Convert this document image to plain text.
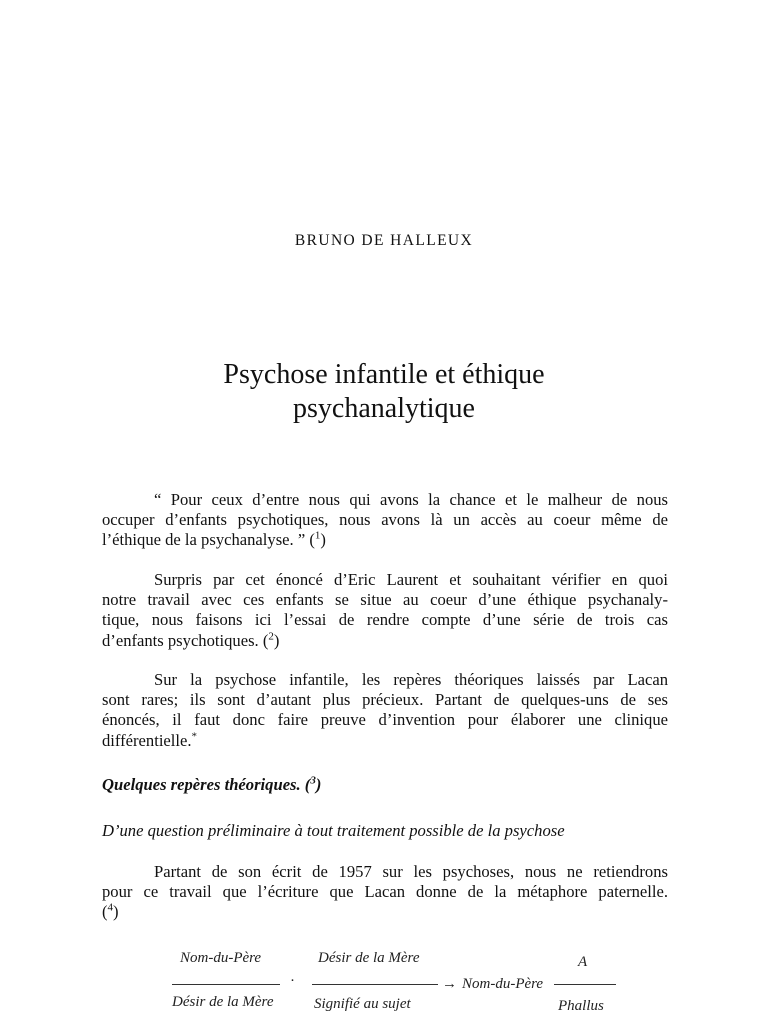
BRUNO DE HALLEUX
Psychose infantile et éthique
psychanalytique
“ Pour ceux d’entre nous qui avons la chance et le malheur de nous
occuper d’enfants psychotiques, nous avons là un accès au coeur même de
l’éthique de la psychanalyse. ” ($^1$)
Surpris par cet énoncé d’Eric Laurent et souhaitant vérifier en quoi
notre travail avec ces enfants se situe au coeur d’une éthique psychanaly-
tique, nous faisons ici l’essai de rendre compte d’une série de trois cas
d’enfants psychotiques. ($^2$)
Sur la psychose infantile, les repères théoriques laissés par Lacan
sont rares; ils sont d’autant plus précieux. Partant de quelques-uns de ses
énoncés, il faut donc faire preuve d’invention pour élaborer une clinique
différentielle.*
Quelques repères théoriques. ($^3$)
D’une question préliminaire à tout traitement possible de la psychose
Partant de son écrit de 1957 sur les psychoses, nous ne retiendrons
pour ce travail que l’écriture que Lacan donne de la métaphore paternelle.
($^4$)
Nom-du-Père
Désir de la Mère
·
Désir de la Mère
Signifié au sujet
→ Nom-du-Père
A
Phallus
